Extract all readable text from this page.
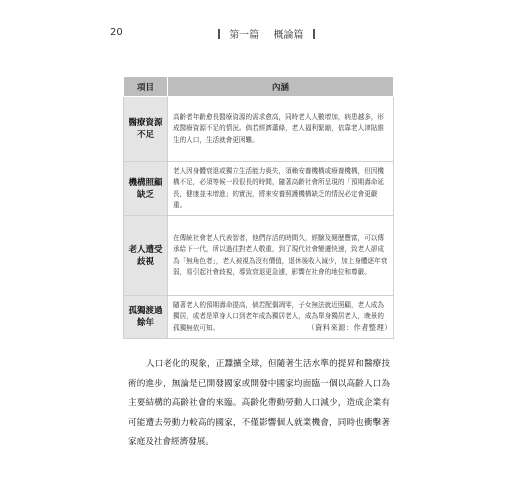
20	第一篇 概論篇
項目	內涵
醫療資源不足	高齡者年齡愈長醫療資源的需求愈高，同時老人人數增加，病患越多，形成醫療資源不足的情況。倘若經濟蕭條，老人福利緊縮，依靠老人津貼維生的人口，生活就會更困難。
機構照顧缺乏	老人因身體衰退或獨立生活能力喪失，須賴安養機構或療養機構，但因機構不足，必須等候一段很長的時間，隨著高齡社會所呈現的「預期壽命延長，健康並未增進」的實況，將來安養照護機構缺乏的情況必定會更嚴重。
老人遭受歧視	在傳統社會老人代表智者，他們存活的時間久，經驗及閱歷豐富，可以傳承給下一代，所以過往對老人敬重，到了現代社會變遷快速，致老人卻成為「無角色者」，老人被視為沒有價值，退休後收入減少，加上身體逐年衰弱，易引起社會歧視，導致衰退更急遽，影響在社會的地位和尊嚴。
孤獨渡過餘年	隨著老人的預期壽命提高，倘若配偶凋零，子女無法就近照顧，老人成為獨居，或者是單身人口到老年成為獨居老人，成為單身獨居老人，晚景的孤獨無依可知。	（資料來源：作者整理）

人口老化的現象，正蠶擴全球，但隨著生活水準的提昇和醫療技術的進步，無論是已開發國家或開發中國家均面臨一個以高齡人口為主要結構的高齡社會的來臨。高齡化帶動勞動人口減少，造成企業有可能遭去勞動力較高的國家，不僅影響個人就業機會，同時也衝擊著家庭及社會經濟發展。
